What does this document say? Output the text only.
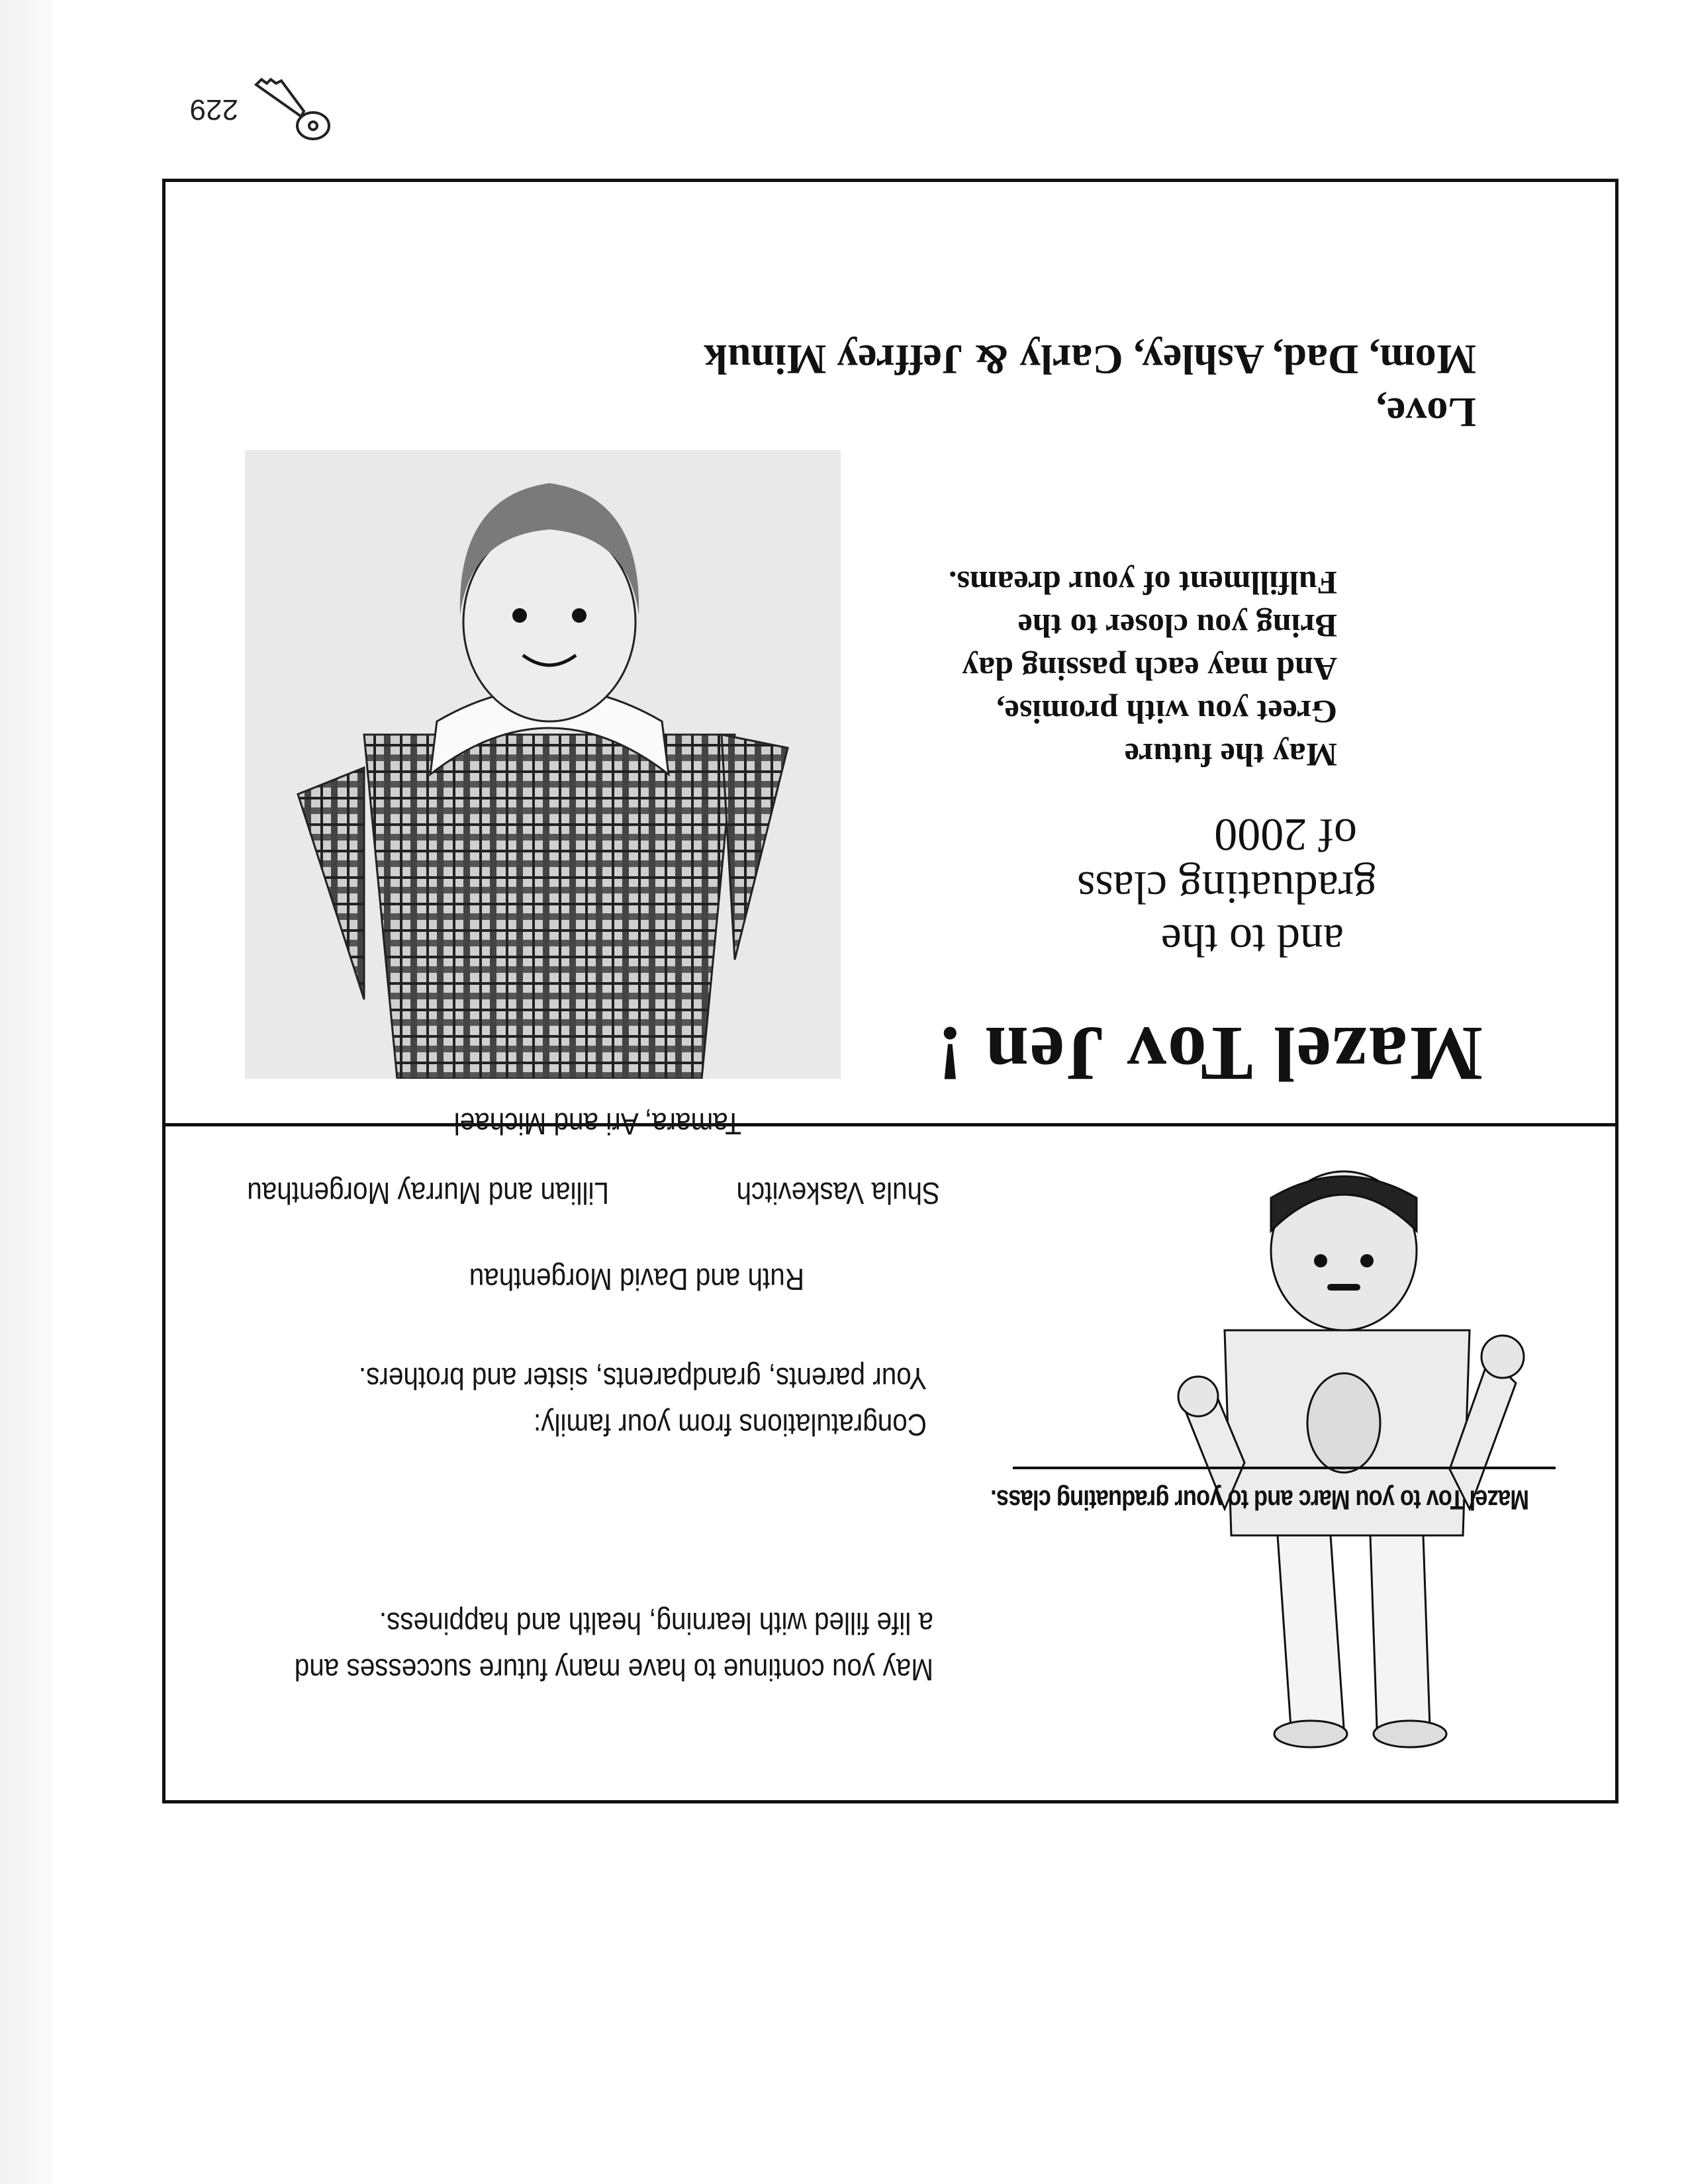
229
Mazel Tov to you Marc and to your graduating class.
May you continue to have many future successes and
a life filled with learning, health and happiness.
Congratulations from your family:
Your parents, grandparents, sister and brothers.
Ruth and David Morgenthau
Shula Vaskevitch
Lillian and Murray Morgenthau
Tamara, Ari and Michael
Mazel Tov Jen !
and to the
graduating class
of 2000
May the future
Greet you with promise,
And may each passing day
Bring you closer to the
Fulfillment of your dreams.
Love,
Mom, Dad, Ashley, Carly & Jeffrey Minuk
